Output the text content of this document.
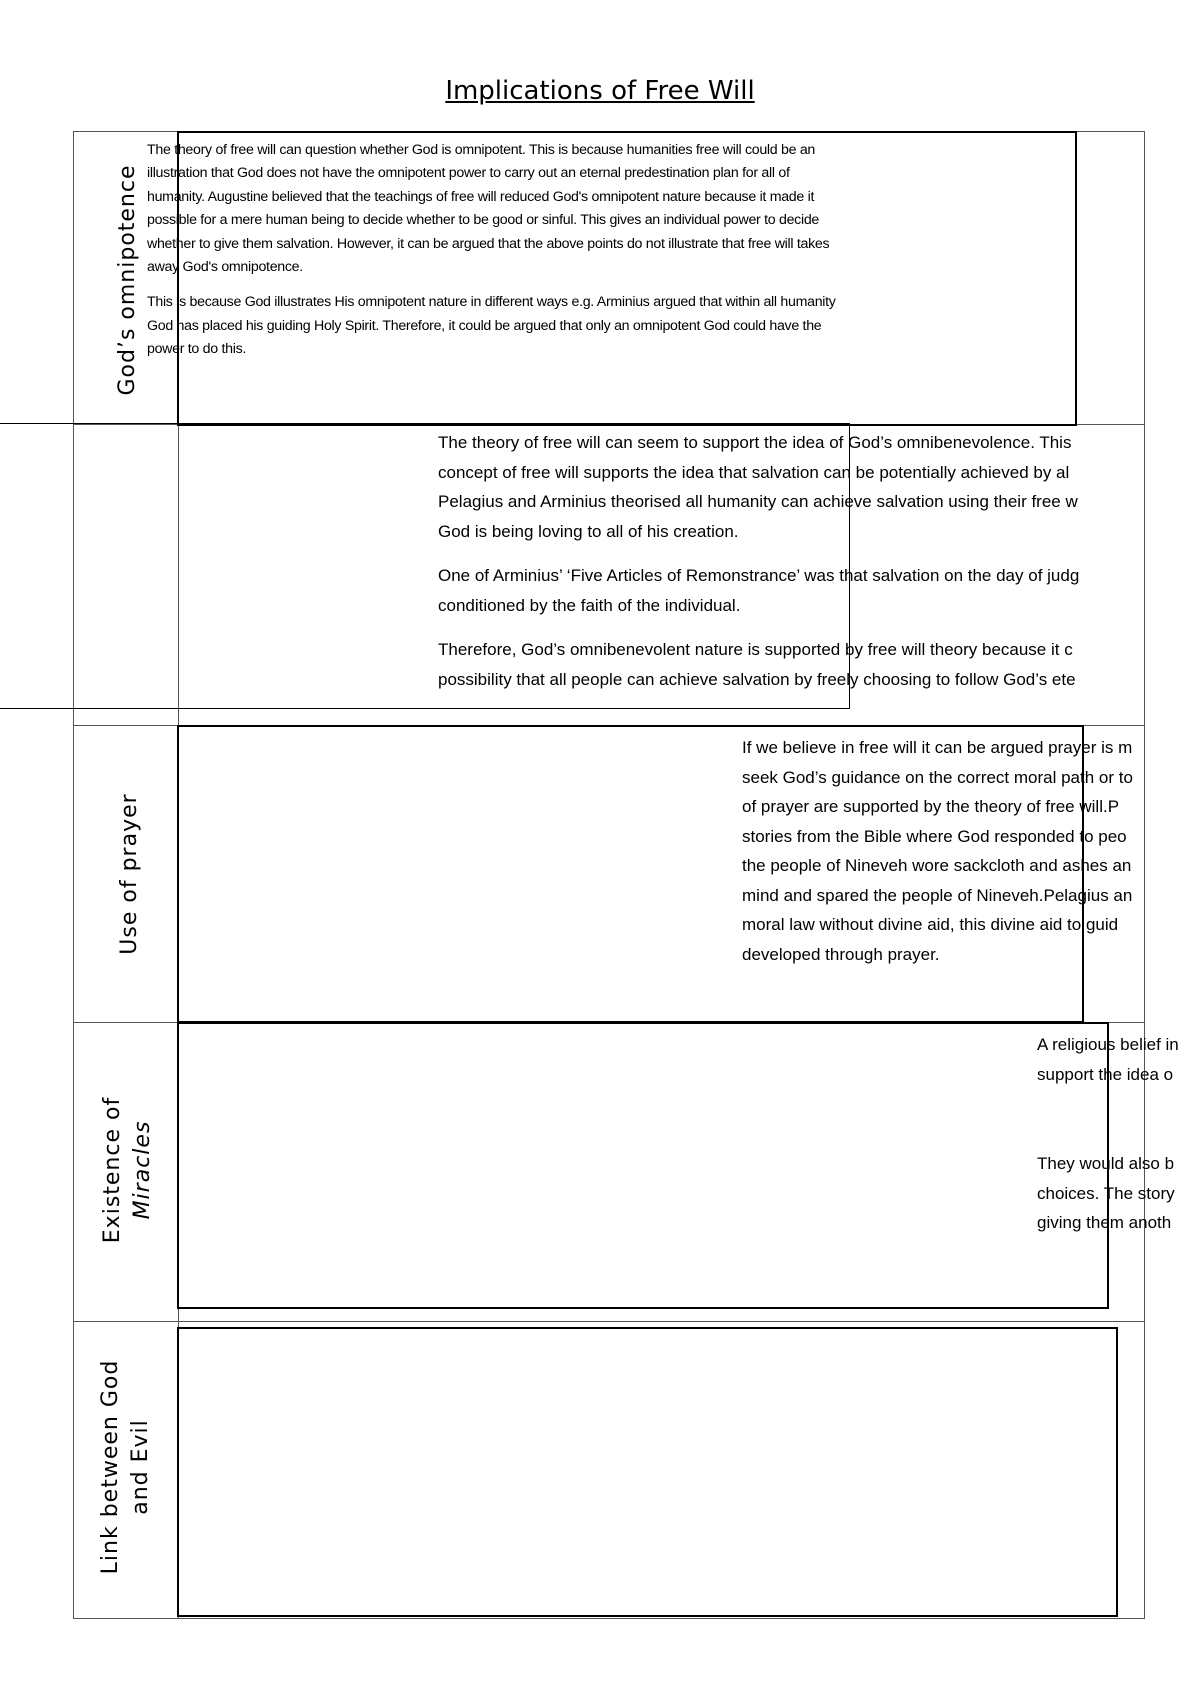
Implications of Free Will
God’s omnipotence

The theory of free will can question whether God is omnipotent. This is because humanities free will could be an

illustration that God does not have the omnipotent power to carry out an eternal predestination plan for all of

humanity. Augustine believed that the teachings of free will reduced God's omnipotent nature because it made it

possible for a mere human being to decide whether to be good or sinful. This gives an individual power to decide

whether to give them salvation. However, it can be argued that the above points do not illustrate that free will takes

away God's omnipotence.

This is because God illustrates His omnipotent nature in different ways e.g. Arminius argued that within all humanity

God has placed his guiding Holy Spirit. Therefore, it could be argued that only an omnipotent God could have the

power to do this.

The theory of free will can seem to support the idea of God’s omnibenevolence. This

concept of free will supports the idea that salvation can be potentially achieved by al

Pelagius and Arminius theorised all humanity can achieve salvation using their free w

God is being loving to all of his creation.

One of Arminius’ ‘Five Articles of Remonstrance’ was that salvation on the day of judg

conditioned by the faith of the individual.

Therefore, God’s omnibenevolent nature is supported by free will theory because it c

possibility that all people can achieve salvation by freely choosing to follow God’s ete

Use of prayer

If we believe in free will it can be argued prayer is m

seek God’s guidance on the correct moral path or to

of prayer are supported by the theory of free will.P

stories from the Bible where God responded to peo

the people of Nineveh wore sackcloth and ashes an

mind and spared the people of Nineveh.Pelagius an

moral law without divine aid, this divine aid to guid

developed through prayer.

Existence of Miracles

A religious belief in

support the idea o

They would also b

choices. The story

giving them anoth

Link between God and Evil
